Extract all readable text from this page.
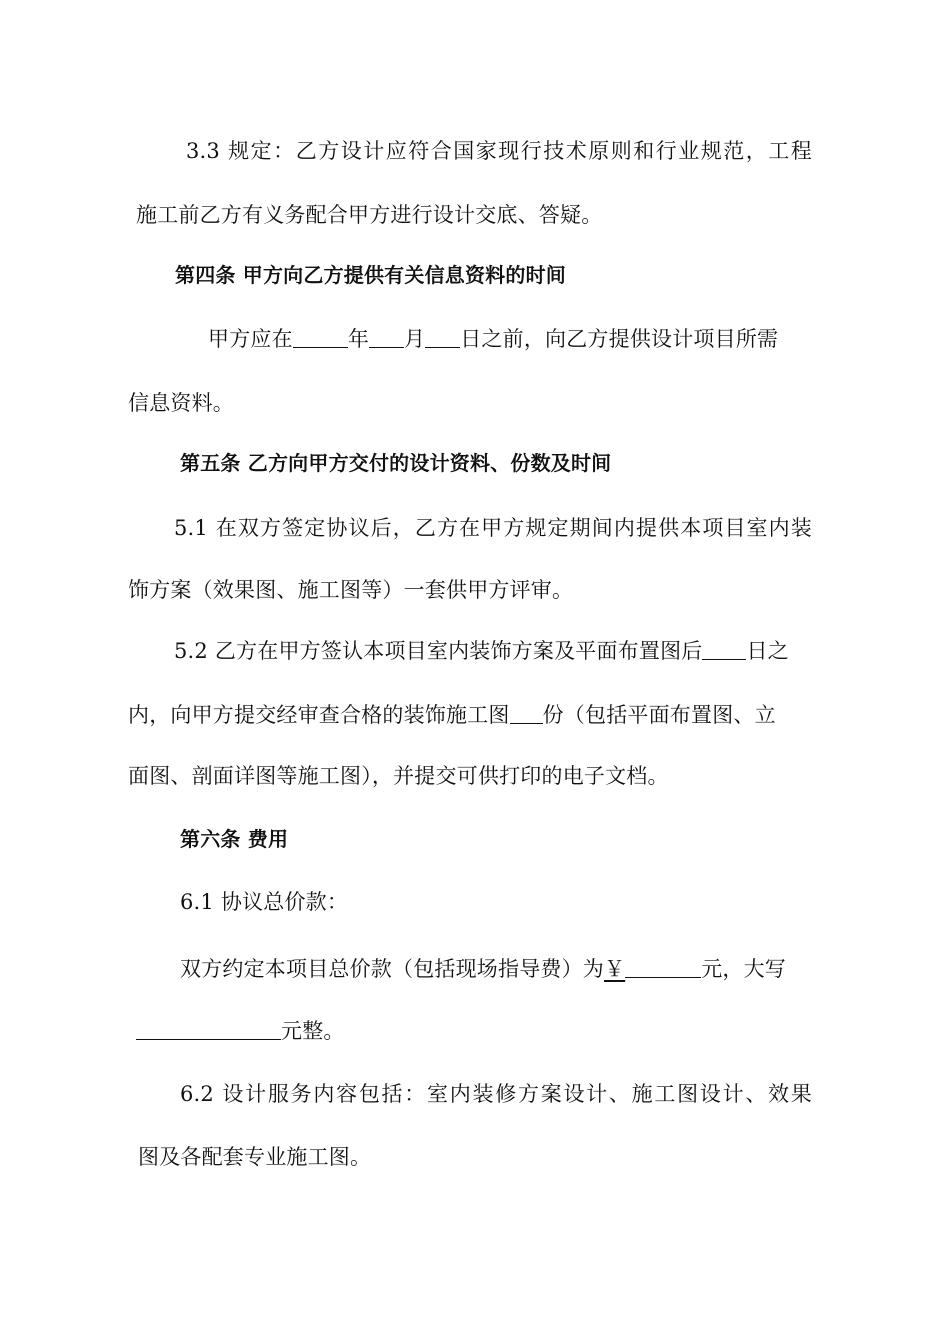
3.3 规定：乙方设计应符合国家现行技术原则和行业规范，工程
施工前乙方有义务配合甲方进行设计交底、答疑。
第四条 甲方向乙方提供有关信息资料的时间
甲方应在	年 月 日之前，向乙方提供设计项目所需
信息资料。
第五条 乙方向甲方交付的设计资料、份数及时间
5.1 在双方签定协议后，乙方在甲方规定期间内提供本项目室内装
饰方案（效果图、施工图等）一套供甲方评审。
5.2 乙方在甲方签认本项目室内装饰方案及平面布置图后 日之
内，向甲方提交经审查合格的装饰施工图 份（包括平面布置图、立
面图、剖面详图等施工图），并提交可供打印的电子文档。
第六条 费用
6.1 协议总价款：
双方约定本项目总价款（包括现场指导费）为￥	元，大写
元整。
6.2 设计服务内容包括：室内装修方案设计、施工图设计、效果
图及各配套专业施工图。
